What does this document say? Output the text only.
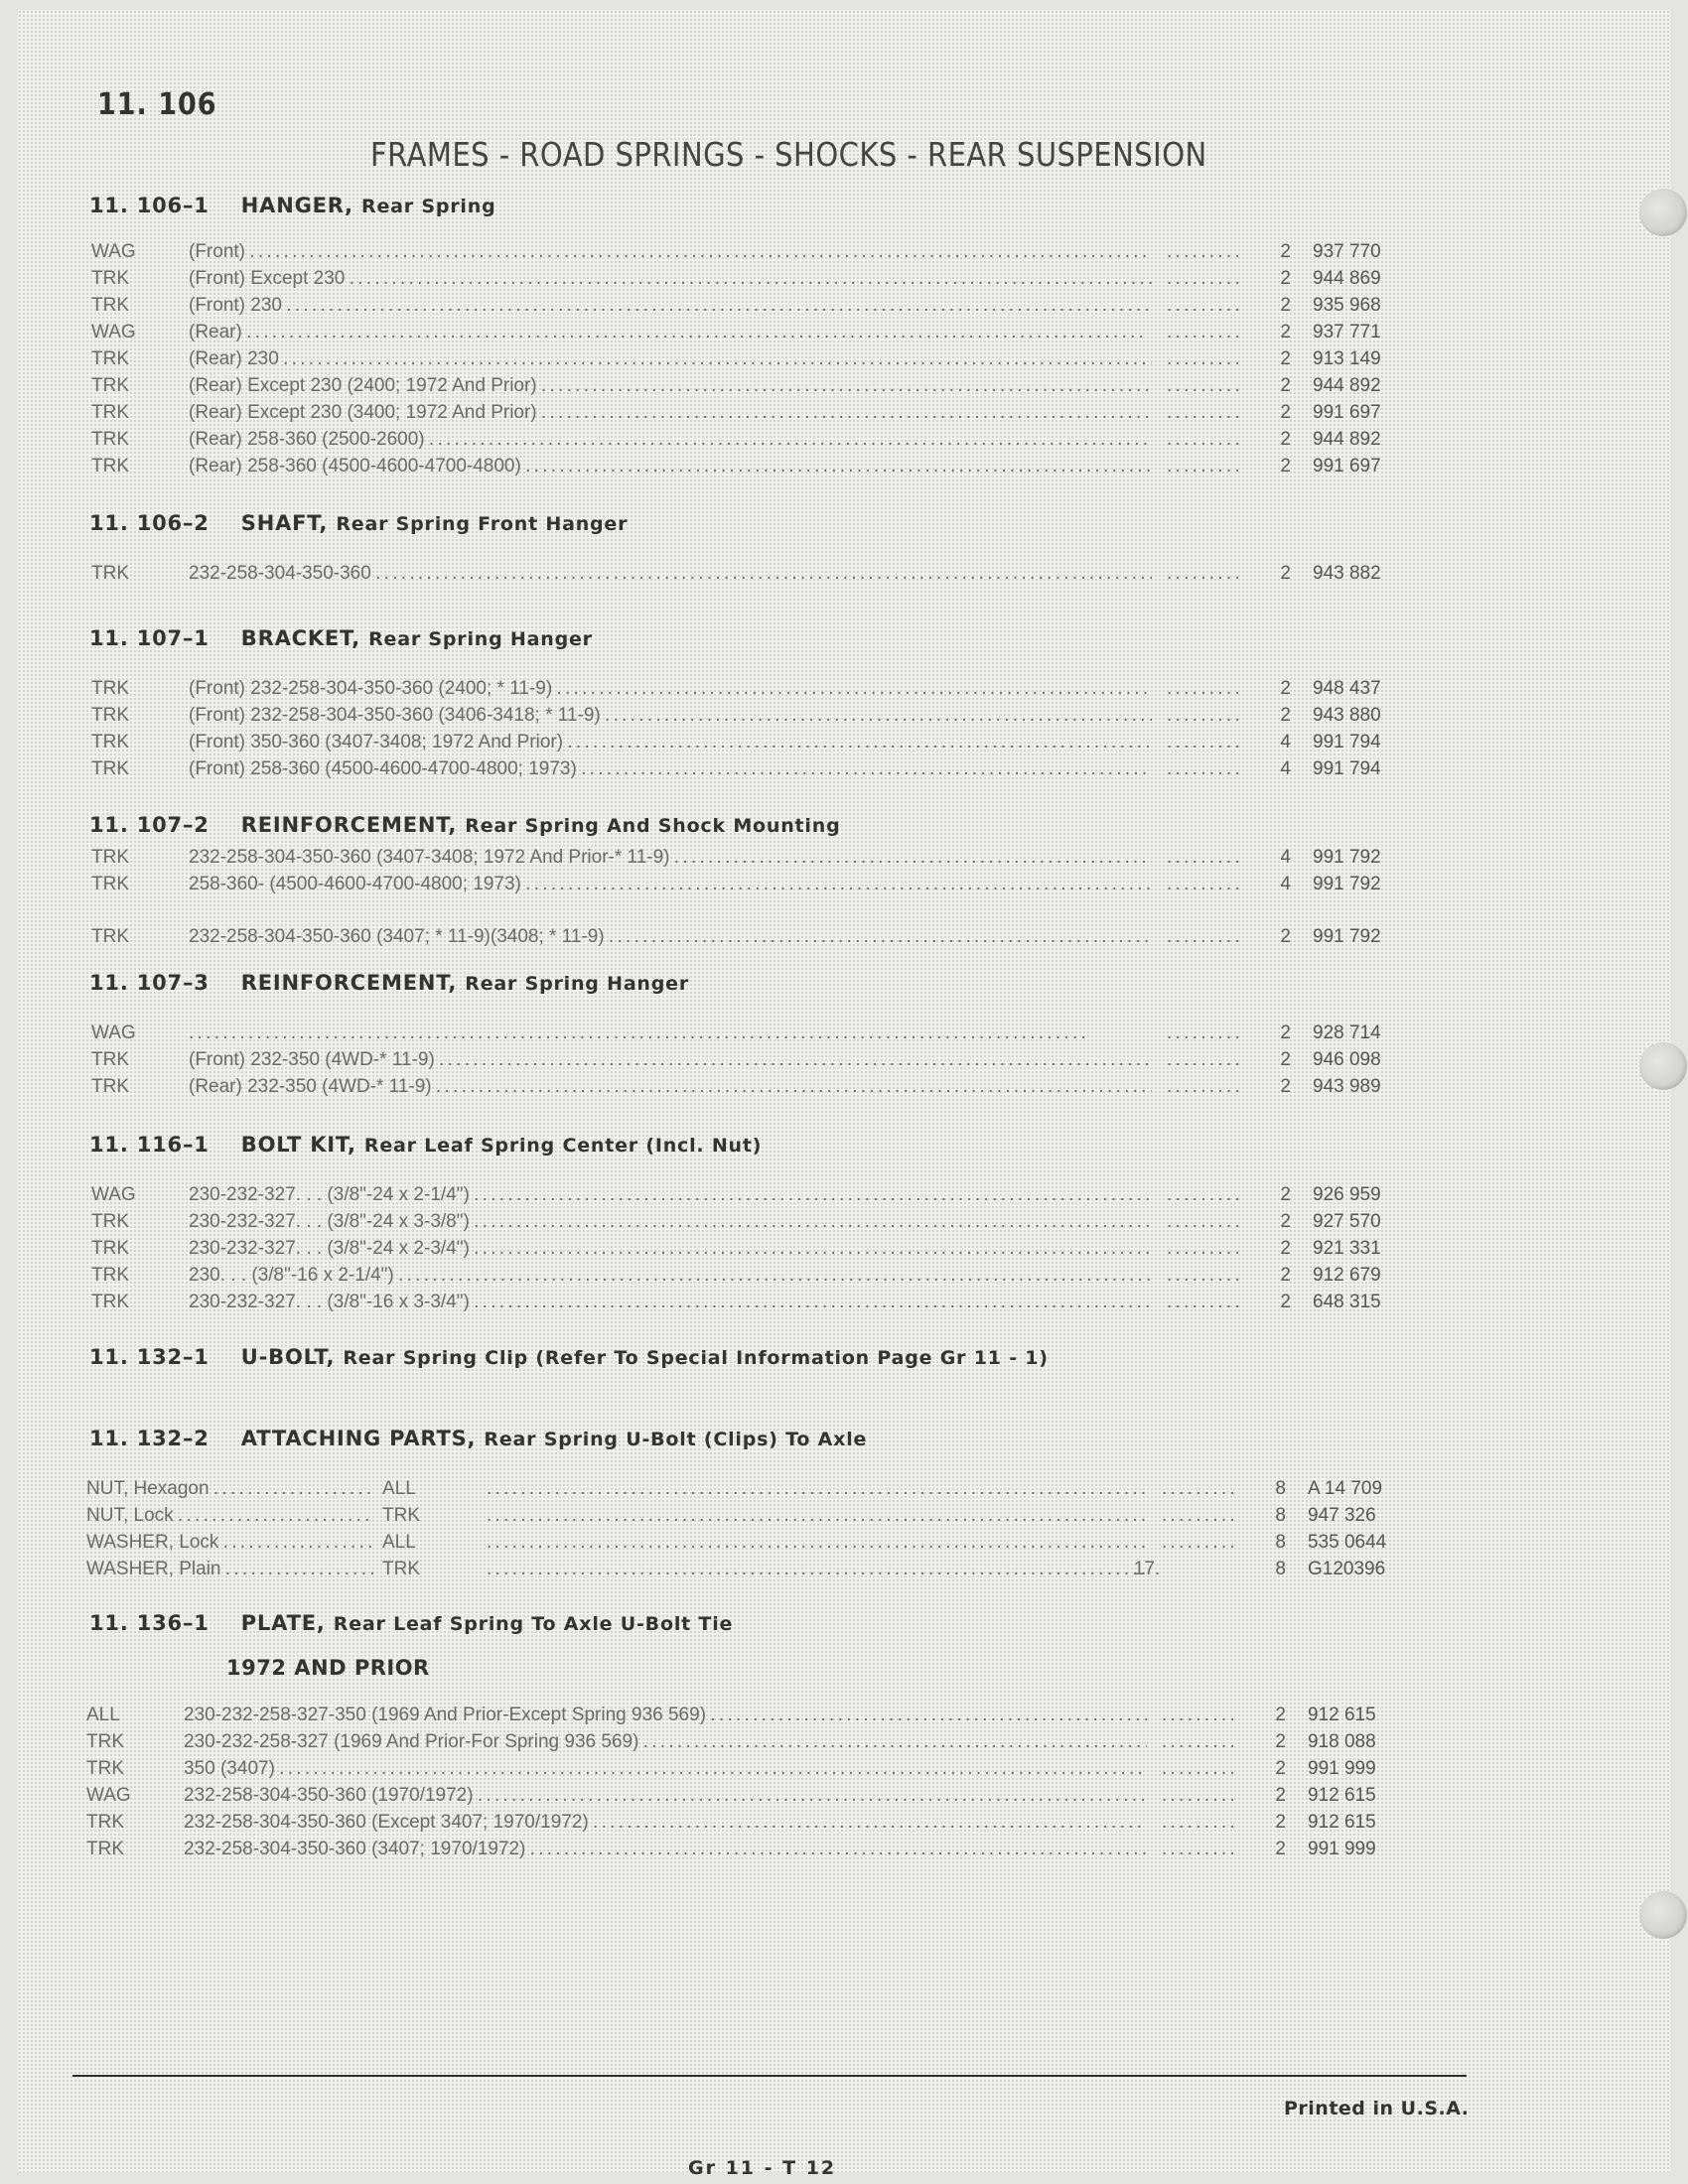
11. 106
FRAMES - ROAD SPRINGS - SHOCKS - REAR SUSPENSION
11. 106–1 HANGER, Rear Spring
WAG	(Front) . . .	. . . . . . . . .	2 937 770
TRK	(Front) Except 230 . . .	. . . . . . . . .	2 944 869
TRK	(Front) 230 . . .	. . . . . . . . .	2 935 968
WAG	(Rear) . . .	. . . . . . . . .	2 937 771
TRK	(Rear) 230 . . .	. . . . . . . . .	2 913 149
TRK	(Rear) Except 230 (2400; 1972 And Prior) . . .	. . . . . . . . .	2 944 892
TRK	(Rear) Except 230 (3400; 1972 And Prior) . . .	. . . . . . . . .	2 991 697
TRK	(Rear) 258-360 (2500-2600) . . .	. . . . . . . . .	2 944 892
TRK	(Rear) 258-360 (4500-4600-4700-4800) . . .	. . . . . . . . .	2 991 697
11. 106–2 SHAFT, Rear Spring Front Hanger
TRK	232-258-304-350-360 . . .	. . . . . . . . .	2 943 882
11. 107–1 BRACKET, Rear Spring Hanger
TRK	(Front) 232-258-304-350-360 (2400; * 11-9) . . .	. . . . . . . . .	2 948 437
TRK	(Front) 232-258-304-350-360 (3406-3418; * 11-9) . . .	. . . . . . . . .	2 943 880
TRK	(Front) 350-360 (3407-3408; 1972 And Prior) . . .	. . . . . . . . .	4 991 794
TRK	(Front) 258-360 (4500-4600-4700-4800; 1973) . . .	. . . . . . . . .	4 991 794
11. 107–2 REINFORCEMENT, Rear Spring And Shock Mounting
TRK	232-258-304-350-360 (3407-3408; 1972 And Prior-* 11-9) . . .	. . . . . . . . .	4 991 792
TRK	258-360- (4500-4600-4700-4800; 1973) . . .	. . . . . . . . .	4 991 792
TRK	232-258-304-350-360 (3407; * 11-9)(3408; * 11-9) . . .	. . . . . . . . .	2 991 792
11. 107–3 REINFORCEMENT, Rear Spring Hanger
WAG . . .	. . . . . . . . .	2 928 714
TRK	(Front) 232-350 (4WD-* 11-9) . . .	. . . . . . . . .	2 946 098
TRK	(Rear) 232-350 (4WD-* 11-9) . . .	. . . . . . . . .	2 943 989
11. 116–1 BOLT KIT, Rear Leaf Spring Center (Incl. Nut)
WAG	230-232-327. . . (3/8"-24 x 2-1/4") . . .	. . . . . . . . .	2 926 959
TRK	230-232-327. . . (3/8"-24 x 3-3/8") . . .	. . . . . . . . .	2 927 570
TRK	230-232-327. . . (3/8"-24 x 2-3/4") . . .	. . . . . . . . .	2 921 331
TRK	230. . . (3/8"-16 x 2-1/4") . . .	. . . . . . . . .	2 912 679
TRK	230-232-327. . . (3/8"-16 x 3-3/4") . . .	. . . . . . . . .	2 648 315
11. 132–1 U-BOLT, Rear Spring Clip (Refer To Special Information Page Gr 11 - 1)
11. 132–2 ATTACHING PARTS, Rear Spring U-Bolt (Clips) To Axle
NUT, Hexagon . . .	ALL . . .	. . . . . . . . .	8 A 14 709
NUT, Lock . . .	TRK . . .	. . . . . . . . .	8 947 326
WASHER, Lock . . .	ALL . . .	. . . . . . . . .	8 535 0644
WASHER, Plain . . .	TRK . . .	17.	8 G120396
11. 136–1 PLATE, Rear Leaf Spring To Axle U-Bolt Tie
1972 AND PRIOR
ALL	230-232-258-327-350 (1969 And Prior-Except Spring 936 569) . . .	. . . . . . . . .	2 912 615
TRK	230-232-258-327 (1969 And Prior-For Spring 936 569) . . .	. . . . . . . . .	2 918 088
TRK	350 (3407) . . .	. . . . . . . . .	2 991 999
WAG	232-258-304-350-360 (1970/1972) . . .	. . . . . . . . .	2 912 615
TRK	232-258-304-350-360 (Except 3407; 1970/1972) . . .	. . . . . . . . .	2 912 615
TRK	232-258-304-350-360 (3407; 1970/1972) . . .	. . . . . . . . .	2 991 999
Printed in U.S.A.
Gr 11 - T 12
